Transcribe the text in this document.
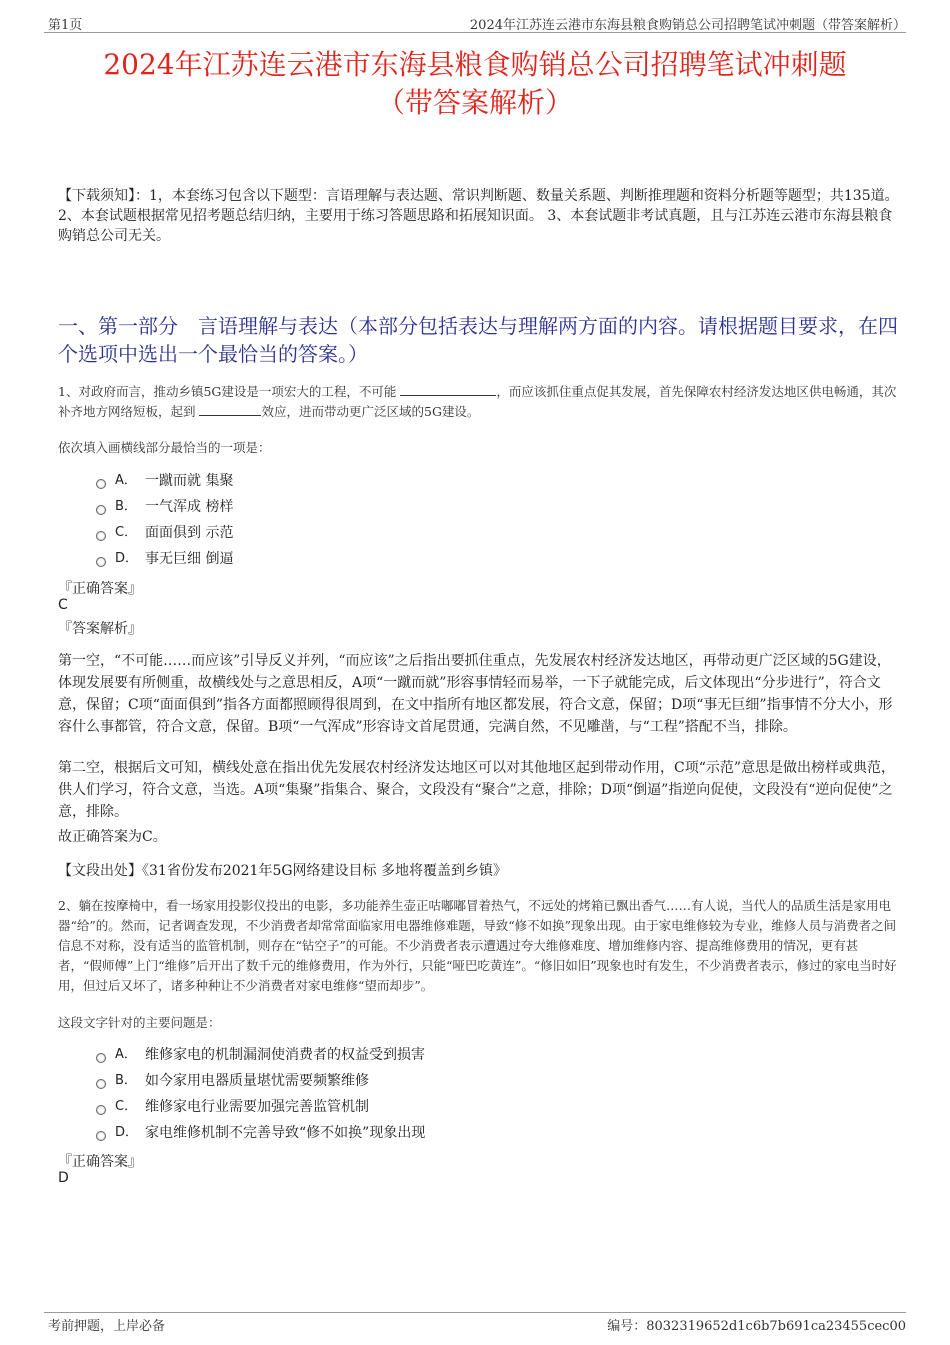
第1页	2024年江苏连云港市东海县粮食购销总公司招聘笔试冲刺题（带答案解析）
2024年江苏连云港市东海县粮食购销总公司招聘笔试冲刺题
（带答案解析）
【下载须知】：1，本套练习包含以下题型：言语理解与表达题、常识判断题、数量关系题、判断推理题和资料分析题等题型；共135道。 2、本套试题根据常见招考题总结归纳，主要用于练习答题思路和拓展知识面。 3、本套试题非考试真题，且与江苏连云港市东海县粮食购销总公司无关。
一、第一部分　言语理解与表达（本部分包括表达与理解两方面的内容。请根据题目要求，在四个选项中选出一个最恰当的答案。）
1、对政府而言，推动乡镇5G建设是一项宏大的工程，不可能	，而应该抓住重点促其发展，首先保障农村经济发达地区供电畅通，其次补齐地方网络短板，起到	效应，进而带动更广泛区域的5G建设。
依次填入画横线部分最恰当的一项是：
A． 一蹴而就 集聚
B． 一气浑成 榜样
C． 面面俱到 示范
D． 事无巨细 倒逼
『正确答案』
C
『答案解析』
第一空，“不可能……而应该”引导反义并列，“而应该”之后指出要抓住重点，先发展农村经济发达地区，再带动更广泛区域的5G建设，体现发展要有所侧重，故横线处与之意思相反，A项“一蹴而就”形容事情轻而易举，一下子就能完成，后文体现出“分步进行”，符合文意，保留；C项“面面俱到”指各方面都照顾得很周到，在文中指所有地区都发展，符合文意，保留；D项“事无巨细”指事情不分大小，形容什么事都管，符合文意，保留。B项“一气浑成”形容诗文首尾贯通，完满自然，不见雕凿，与“工程”搭配不当，排除。
第二空，根据后文可知，横线处意在指出优先发展农村经济发达地区可以对其他地区起到带动作用，C项“示范”意思是做出榜样或典范，供人们学习，符合文意，当选。A项“集聚”指集合、聚合，文段没有“聚合”之意，排除；D项“倒逼”指逆向促使，文段没有“逆向促使”之意，排除。
故正确答案为C。
【文段出处】《31省份发布2021年5G网络建设目标 多地将覆盖到乡镇》
2、躺在按摩椅中，看一场家用投影仪投出的电影，多功能养生壶正咕嘟嘟冒着热气，不远处的烤箱已飘出香气……有人说，当代人的品质生活是家用电器“给”的。然而，记者调查发现，不少消费者却常常面临家用电器维修难题，导致“修不如换”现象出现。由于家电维修较为专业，维修人员与消费者之间信息不对称，没有适当的监管机制，则存在“钻空子”的可能。不少消费者表示遭遇过夸大维修难度、增加维修内容、提高维修费用的情况，更有甚者，“假师傅”上门“维修”后开出了数千元的维修费用，作为外行，只能“哑巴吃黄连”。“修旧如旧”现象也时有发生，不少消费者表示，修过的家电当时好用，但过后又坏了，诸多种种让不少消费者对家电维修“望而却步”。
这段文字针对的主要问题是：
A． 维修家电的机制漏洞使消费者的权益受到损害
B． 如今家用电器质量堪忧需要频繁维修
C． 维修家电行业需要加强完善监管机制
D． 家电维修机制不完善导致“修不如换”现象出现
『正确答案』
D
考前押题，上岸必备	编号：8032319652d1c6b7b691ca23455cec00
